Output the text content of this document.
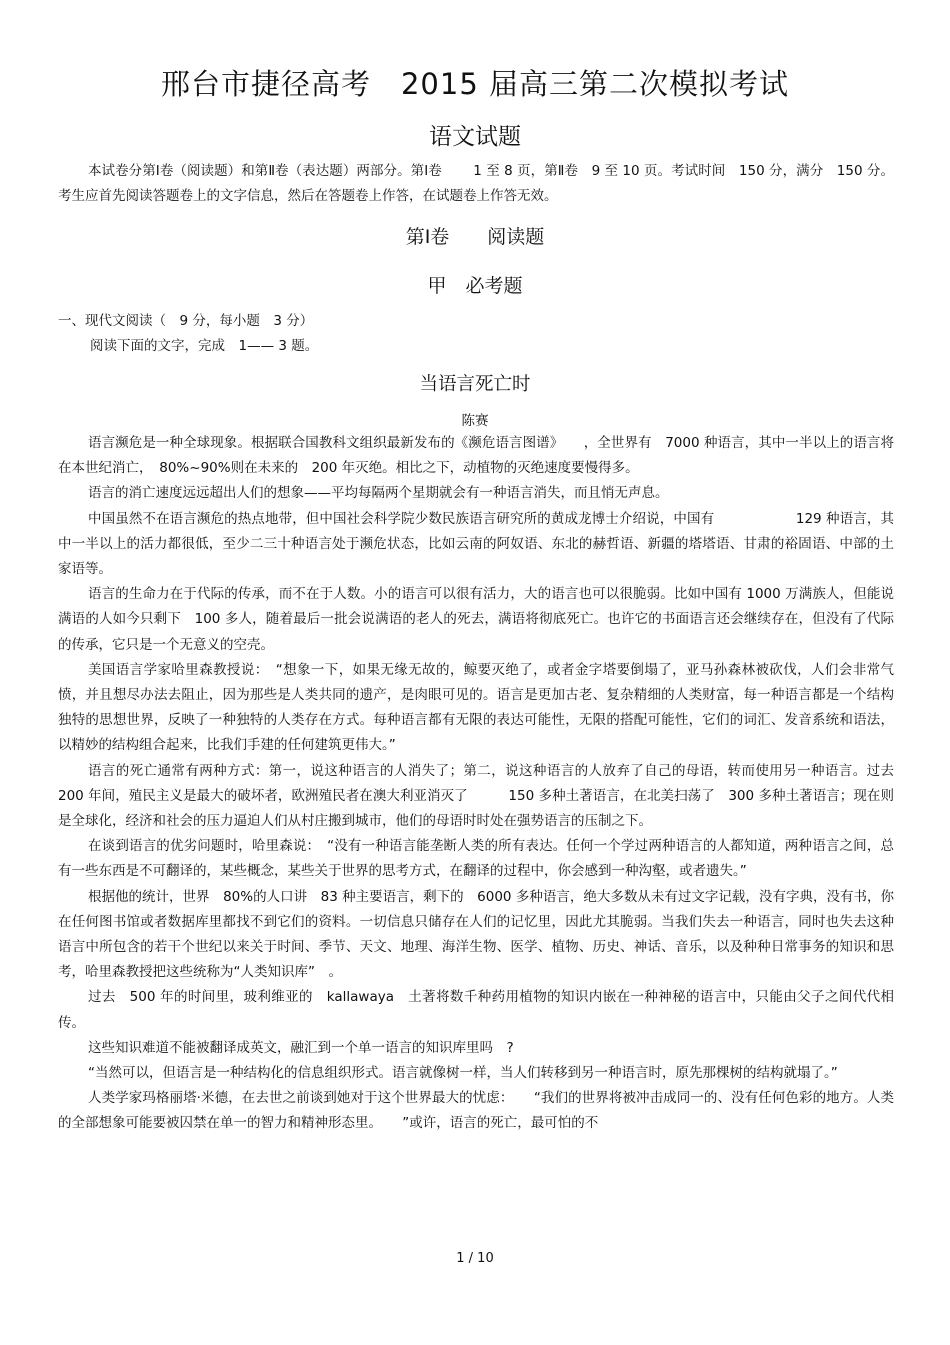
邢台市捷径高考　2015 届高三第二次模拟考试
语文试题

本试卷分第Ⅰ卷（阅读题）和第Ⅱ卷（表达题）两部分。第Ⅰ卷　　 1 至 8 页，第Ⅱ卷　9 至 10 页。考试时间　150 分，满分　150 分。考生应首先阅读答题卷上的文字信息，然后在答题卷上作答，在试题卷上作答无效。

第Ⅰ卷　　阅读题
甲　必考题

一、现代文阅读（　9 分，每小题　3 分）

阅读下面的文字，完成　1—— 3 题。

当语言死亡时

陈赛

语言濒危是一种全球现象。根据联合国教科文组织最新发布的《濒危语言图谱》　　，全世界有　7000 种语言，其中一半以上的语言将在本世纪消亡，　80%~90%则在未来的　200 年灭绝。相比之下，动植物的灭绝速度要慢得多。

语言的消亡速度远远超出人们的想象——平均每隔两个星期就会有一种语言消失，而且悄无声息。

中国虽然不在语言濒危的热点地带，但中国社会科学院少数民族语言研究所的黄成龙博士介绍说，中国有　　　　　　129 种语言，其中一半以上的活力都很低，至少二三十种语言处于濒危状态，比如云南的阿奴语、东北的赫哲语、新疆的塔塔语、甘肃的裕固语、中部的土家语等。

语言的生命力在于代际的传承，而不在于人数。小的语言可以很有活力，大的语言也可以很脆弱。比如中国有 1000 万满族人，但能说满语的人如今只剩下　100 多人，随着最后一批会说满语的老人的死去，满语将彻底死亡。也许它的书面语言还会继续存在，但没有了代际的传承，它只是一个无意义的空壳。

美国语言学家哈里森教授说：　“想象一下，如果无缘无故的，鲸要灭绝了，或者金字塔要倒塌了，亚马孙森林被砍伐，人们会非常气愤，并且想尽办法去阻止，因为那些是人类共同的遗产，是肉眼可见的。语言是更加古老、复杂精细的人类财富，每一种语言都是一个结构独特的思想世界，反映了一种独特的人类存在方式。每种语言都有无限的表达可能性，无限的搭配可能性，它们的词汇、发音系统和语法，以精妙的结构组合起来，比我们手建的任何建筑更伟大。”

语言的死亡通常有两种方式：第一，说这种语言的人消失了；第二，说这种语言的人放弃了自己的母语，转而使用另一种语言。过去　200 年间，殖民主义是最大的破坏者，欧洲殖民者在澳大利亚消灭了　　　150 多种土著语言，在北美扫荡了　300 多种土著语言；现在则是全球化，经济和社会的压力逼迫人们从村庄搬到城市，他们的母语时时处在强势语言的压制之下。

在谈到语言的优劣问题时，哈里森说：　“没有一种语言能垄断人类的所有表达。任何一个学过两种语言的人都知道，两种语言之间，总有一些东西是不可翻译的，某些概念，某些关于世界的思考方式，在翻译的过程中，你会感到一种沟壑，或者遗失。”

根据他的统计，世界　80%的人口讲　83 种主要语言，剩下的　6000 多种语言，绝大多数从未有过文字记载，没有字典，没有书，你在任何图书馆或者数据库里都找不到它们的资料。一切信息只储存在人们的记忆里，因此尤其脆弱。当我们失去一种语言，同时也失去这种语言中所包含的若干个世纪以来关于时间、季节、天文、地理、海洋生物、医学、植物、历史、神话、音乐，以及种种日常事务的知识和思考，哈里森教授把这些统称为“人类知识库”　。

过去　500 年的时间里，玻利维亚的　kallawaya　土著将数千种药用植物的知识内嵌在一种神秘的语言中，只能由父子之间代代相传。

这些知识难道不能被翻译成英文，融汇到一个单一语言的知识库里吗　?

“当然可以，但语言是一种结构化的信息组织形式。语言就像树一样，当人们转移到另一种语言时，原先那棵树的结构就塌了。”

人类学家玛格丽塔·米德，在去世之前谈到她对于这个世界最大的忧虑：　　“我们的世界将被冲击成同一的、没有任何色彩的地方。人类的全部想象可能要被囚禁在单一的智力和精神形态里。　　”或许，语言的死亡，最可怕的不

1 / 10
